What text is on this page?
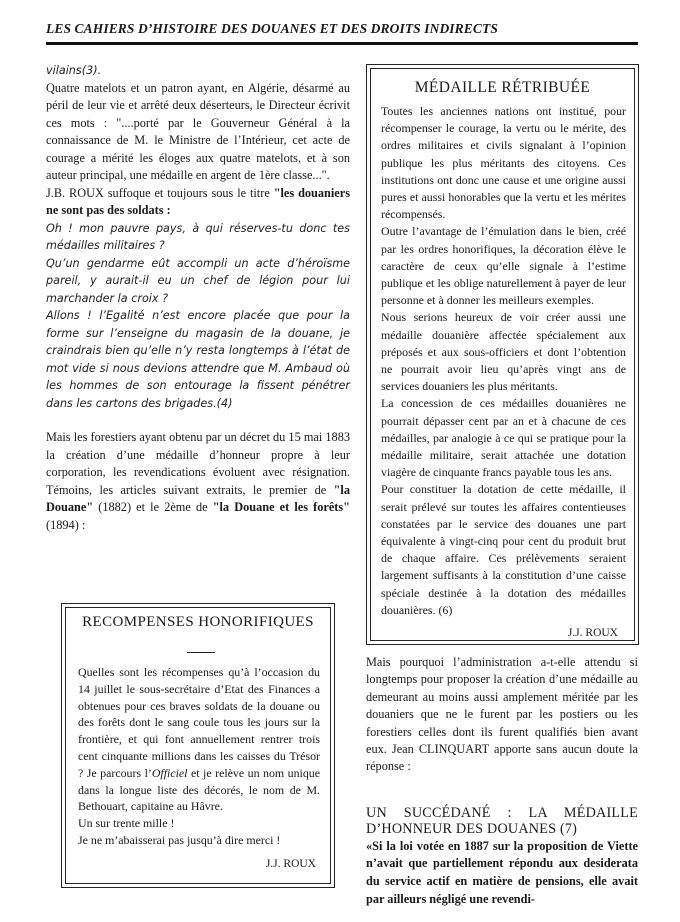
LES CAHIERS D’HISTOIRE DES DOUANES ET DES DROITS INDIRECTS

vilains(3).

Quatre matelots et un patron ayant, en Algérie, désarmé au péril de leur vie et arrêté deux déserteurs, le Directeur écrivit ces mots : "....porté par le Gouverneur Général à la connaissance de M. le Ministre de l’Intérieur, cet acte de courage a mérité les éloges aux quatre matelots, et à son auteur principal, une médaille en argent de 1ère classe...".

J.B. ROUX suffoque et toujours sous le titre "les douaniers ne sont pas des soldats :

Oh ! mon pauvre pays, à qui réserves-tu donc tes médailles militaires ?

Qu’un gendarme eût accompli un acte d’héroïsme pareil, y aurait-il eu un chef de légion pour lui marchander la croix ?

Allons ! l’Egalité n’est encore placée que pour la forme sur l’enseigne du magasin de la douane, je craindrais bien qu’elle n’y resta longtemps à l’état de mot vide si nous devions attendre que M. Ambaud où les hommes de son entourage la fissent pénétrer dans les cartons des brigades.(4)

Mais les forestiers ayant obtenu par un décret du 15 mai 1883 la création d’une médaille d’honneur propre à leur corporation, les revendications évoluent avec résignation. Témoins, les articles suivant extraits, le premier de "la Douane" (1882) et le 2ème de "la Douane et les forêts" (1894) :

MÉDAILLE RÉTRIBUÉE

Toutes les anciennes nations ont institué, pour récompenser le courage, la vertu ou le mérite, des ordres militaires et civils signalant à l’opinion publique les plus méritants des citoyens. Ces institutions ont donc une cause et une origine aussi pures et aussi honorables que la vertu et les mérites récompensés.

Outre l’avantage de l’émulation dans le bien, créé par les ordres honorifiques, la décoration élève le caractère de ceux qu’elle signale à l’estime publique et les oblige naturellement à payer de leur personne et à donner les meilleurs exemples.

Nous serions heureux de voir créer aussi une médaille douanière affectée spécialement aux préposés et aux sous-officiers et dont l’obtention ne pourrait avoir lieu qu’après vingt ans de services douaniers les plus méritants.

La concession de ces médailles douanières ne pourrait dépasser cent par an et à chacune de ces médailles, par analogie à ce qui se pratique pour la médaille militaire, serait attachée une dotation viagère de cinquante francs payable tous les ans.

Pour constituer la dotation de cette médaille, il serait prélevé sur toutes les affaires contentieuses constatées par le service des douanes une part équivalente à vingt-cinq pour cent du produit brut de chaque affaire. Ces prélèvements seraient largement suffisants à la constitution d’une caisse spéciale destinée à la dotation des médailles douanières. (6)

J.J. ROUX
RECOMPENSES HONORIFIQUES

Quelles sont les récompenses qu’à l’occasion du 14 juillet le sous-secrétaire d’Etat des Finances a obtenues pour ces braves soldats de la douane ou des forêts dont le sang coule tous les jours sur la frontière, et qui font annuellement rentrer trois cent cinquante millions dans les caisses du Trésor ? Je parcours l’Officiel et je relève un nom unique dans la longue liste des décorés, le nom de M. Bethouart, capitaine au Hâvre.

Un sur trente mille !

Je ne m’abaisserai pas jusqu’à dire merci !

J.J. ROUX

Mais pourquoi l’administration a-t-elle attendu si longtemps pour proposer la création d’une médaille au demeurant au moins aussi amplement méritée par les douaniers que ne le furent par les postiers ou les forestiers celles dont ils furent qualifiés bien avant eux. Jean CLINQUART apporte sans aucun doute la réponse :

UN SUCCÉDANÉ : LA MÉDAILLE D’HONNEUR DES DOUANES (7)

«Si la loi votée en 1887 sur la proposition de Viette n’avait que partiellement répondu aux desiderata du service actif en matière de pensions, elle avait par ailleurs négligé une revendi-
